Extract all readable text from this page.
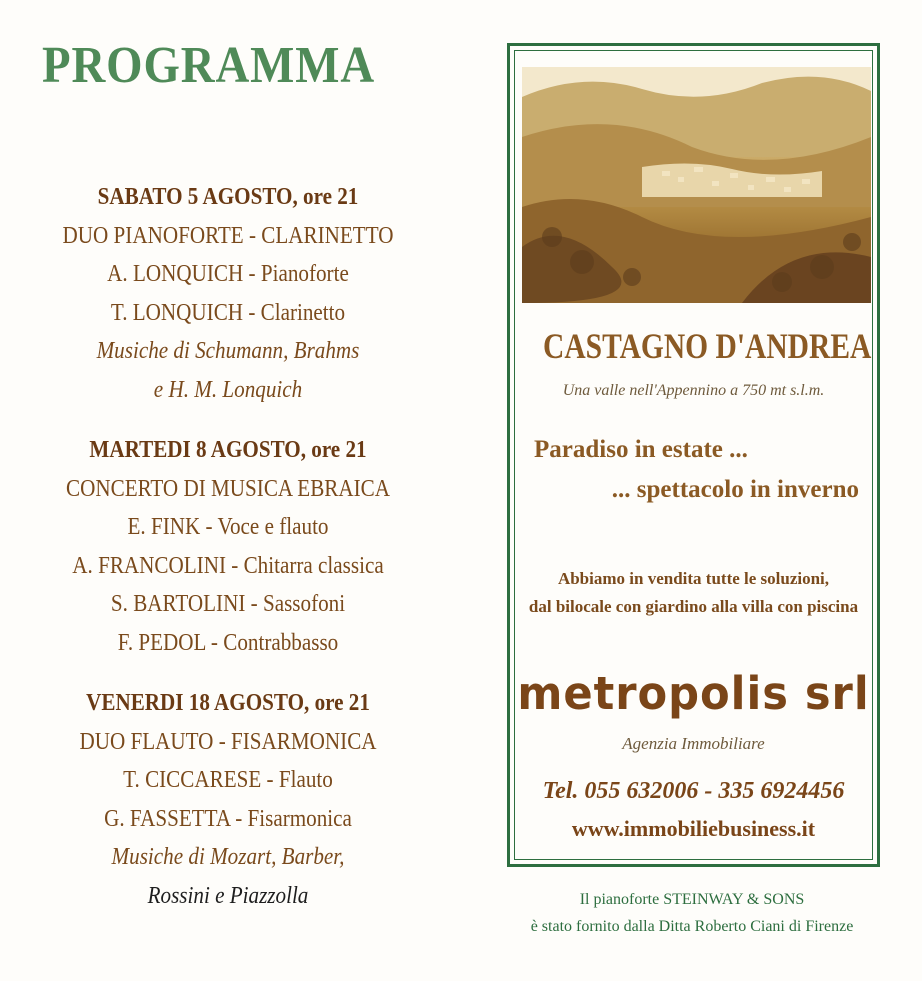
PROGRAMMA
SABATO 5 AGOSTO, ore 21
DUO PIANOFORTE - CLARINETTO
A. LONQUICH - Pianoforte
T. LONQUICH - Clarinetto
Musiche di Schumann, Brahms
e H. M. Lonquich
MARTEDI 8 AGOSTO, ore 21
CONCERTO DI MUSICA EBRAICA
E. FINK - Voce e flauto
A. FRANCOLINI - Chitarra classica
S. BARTOLINI - Sassofoni
F. PEDOL - Contrabbasso
VENERDI 18 AGOSTO, ore 21
DUO FLAUTO - FISARMONICA
T. CICCARESE - Flauto
G. FASSETTA - Fisarmonica
Musiche di Mozart, Barber,
Rossini e Piazzolla
CASTAGNO D'ANDREA
Una valle nell'Appennino a 750 mt s.l.m.
Paradiso in estate ...
... spettacolo in inverno
Abbiamo in vendita tutte le soluzioni,
dal bilocale con giardino alla villa con piscina
metropolis srl
Agenzia Immobiliare
Tel. 055 632006 - 335 6924456
www.immobiliebusiness.it
Il pianoforte STEINWAY & SONS
è stato fornito dalla Ditta Roberto Ciani di Firenze
